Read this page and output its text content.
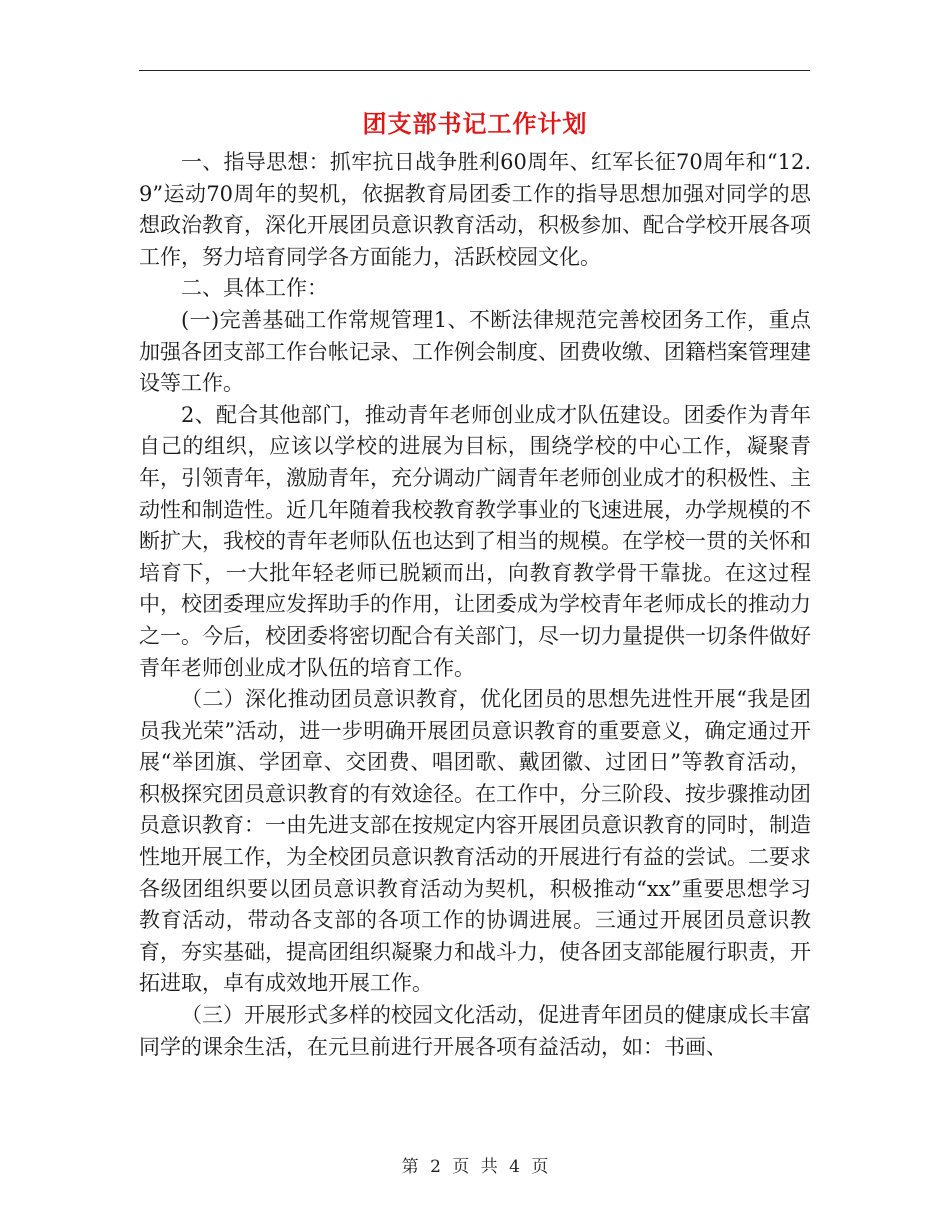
团支部书记工作计划

一、指导思想：抓牢抗日战争胜利60周年、红军长征70周年和“12.9”运动70周年的契机，依据教育局团委工作的指导思想加强对同学的思想政治教育，深化开展团员意识教育活动，积极参加、配合学校开展各项工作，努力培育同学各方面能力，活跃校园文化。

二、具体工作：

(一)完善基础工作常规管理1、不断法律规范完善校团务工作，重点加强各团支部工作台帐记录、工作例会制度、团费收缴、团籍档案管理建设等工作。

2、配合其他部门，推动青年老师创业成才队伍建设。团委作为青年自己的组织，应该以学校的进展为目标，围绕学校的中心工作，凝聚青年，引领青年，激励青年，充分调动广阔青年老师创业成才的积极性、主动性和制造性。近几年随着我校教育教学事业的飞速进展，办学规模的不断扩大，我校的青年老师队伍也达到了相当的规模。在学校一贯的关怀和培育下，一大批年轻老师已脱颖而出，向教育教学骨干靠拢。在这过程中，校团委理应发挥助手的作用，让团委成为学校青年老师成长的推动力之一。今后，校团委将密切配合有关部门，尽一切力量提供一切条件做好青年老师创业成才队伍的培育工作。

（二）深化推动团员意识教育，优化团员的思想先进性开展“我是团员我光荣”活动，进一步明确开展团员意识教育的重要意义，确定通过开展“举团旗、学团章、交团费、唱团歌、戴团徽、过团日”等教育活动，积极探究团员意识教育的有效途径。在工作中，分三阶段、按步骤推动团员意识教育：一由先进支部在按规定内容开展团员意识教育的同时，制造性地开展工作，为全校团员意识教育活动的开展进行有益的尝试。二要求各级团组织要以团员意识教育活动为契机，积极推动“xx”重要思想学习教育活动，带动各支部的各项工作的协调进展。三通过开展团员意识教育，夯实基础，提高团组织凝聚力和战斗力，使各团支部能履行职责，开拓进取，卓有成效地开展工作。

（三）开展形式多样的校园文化活动，促进青年团员的健康成长丰富同学的课余生活，在元旦前进行开展各项有益活动，如：书画、

第 2 页 共 4 页
